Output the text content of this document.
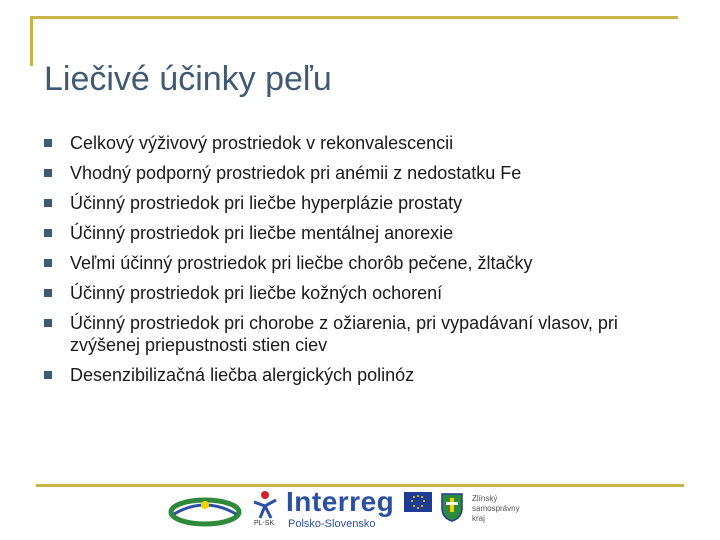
Liečivé účinky peľu
Celkový výživový prostriedok v rekonvalescencii
Vhodný podporný prostriedok pri anémii z nedostatku Fe
Účinný prostriedok pri liečbe hyperplázie prostaty
Účinný prostriedok pri liečbe mentálnej anorexie
Veľmi účinný prostriedok pri liečbe chorôb pečene, žltačky
Účinný prostriedok pri liečbe kožných ochorení
Účinný prostriedok pri chorobe z ožiarenia, pri vypadávaní vlasov, pri zvýšenej priepustnosti stien ciev
Desenzibilizačná liečba alergických polinóz
PL-SK
Interreg
Polsko-Slovensko
Zlínský
samosprávny
kraj
